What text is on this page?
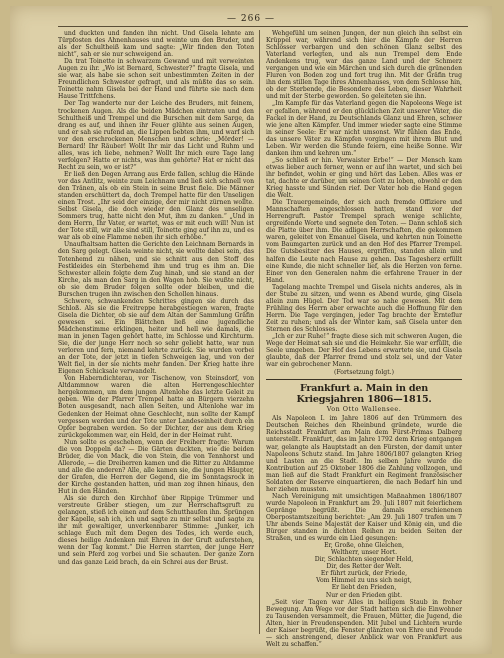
— 266 —

und duckten und fanden ihn nicht. Und Gisela lehnte am Türpfosten des Ahnenhauses und weinte um den Bruder, und als der Schultheiß kam und sagte: „Wir finden den Toten nicht“, sah er sie nur schweigend an.

Da trat Toinette in schwarzem Gewand und mit verweinten Augen zu ihr. „Wo ist Bernard, Schwester?“ fragte Gisela, und sie war, als habe sie schon seit unbestimmten Zeiten in der Freundlichen Schwester gefragt, und als müßte das so sein. Toinette nahm Gisela bei der Hand und führte sie nach dem Hause Trittfchens.

Der Tag wanderte nur der Leiche des Bruders, mit feinem, trockenen Augen. Als die beiden Mädchen eintraten und den Schultheiß und Trempel und die Burschen mit dem Sarge, da drang es auf, und ihnen ihr Feuer glühte aus seinen Augen, und er sah sie rufend an, die Lippen bebten ihm, und warf sich vor den erschrockenen Menschen und schrie: „Mörder! — Bernard! Ihr Räuber! Wollt Ihr mir das Licht und Ruhm und alles, was ich liebe, nehmen? Wollt Ihr mich eure Tage lang verfolgen? Hatte er nichts, was ihm gehörte? Hat er nicht das Recht zu sein, wo er ist?“

Er ließ den Degen Arrang aus Erde fallen, schlug die Hände vor das Antlitz, weinte zum Leichnam und ließ sich schnell von den Tränen, als ob ein Stein in seine Brust fiele. Die Männer standen erschüttert da, doch Trempel hatte für den Unseligen einen Trost. „Ihr seid der einzige, der mir nicht zürnen wollte. Selbst Gisela, die doch wieder den Glanz des unseligen Sommers trug, hatte nicht den Mut, ihm zu danken.“ „Und in dem Herrn, Ihr Vater, er wartet, was er mit euch will! Nun ist der Tote still, wir alle sind still, Toinette ging auf ihn zu, und es war als ob eine Flamme neben ihr sich erhöbe.“

Unaufhaltsam hatten die Gerichte den Leichnam Bernards in den Sarg gelegt. Gisela weinte nicht, sie wollte dabei sein, das Totenhemd zu nähen, und sie schnitt aus den Stoff des Festkleides ein Sterbehemd ihm und trug es ihm an. Die Schwester allein folgte dem Zug hinab, und sie stand an der Kirche, als man den Sarg in den Wagen hob. Sie wußte nicht, ob sie dem Bruder folgen sollte oder bleiben, und die Burschen trugen ihn zwischen den Schollen hinaus.

Schwere, schwankenden Schrittes gingen sie durch das Schloß. Als sie die Freitreppe herabgestiegen waren, fragte Gisela die Dichter, ob sie auf dem Altan der Sammlung Gräfin gewesen sei. Ein Blättchen ließ eine jugendliche Mädchenstimme erklingen, heiter und hell wie damals, die man in jenen Tagen gehört hatte, im Schlosse und Kirchturm. Sie, die der junge Herr noch so sehr geliebt hatte, war nun verloren und fern, niemand kehrte zurück. Sie wurden vorbei an der Tote, der jetzt in tiefen Schweigen lag, und von der Welt fiel, in der sie nichts mehr fanden. Der Krieg hatte ihre Eigenen Schicksale verwandelt.

Von Haberndichterau, vor Tischenow, von Steinsdorf, von Altdammnow waren die alten Herrengeschlechter hergekommen, um dem jungen Altenlohe das letzte Geleit zu geben. Wie der Pfarrer Trempel hatte an Bürgern vierzehn Boten ausgesandt, nach allen Seiten, und Altenlohe war im Gedenken der Heimat ohne Geschlecht, nun sollte der Kampf vergessen werden und der Tote unter Landeseinheit durch ein Opfer begraben werden. So der Dichter, der aus dem Krieg zurückgekommen war, ein Held, der in der Heimat ruht.

Nun sollte es geschehen, wenn der Freiherr fragte: Warum die von Doppeln da? — Die Gärten duckten, wie die beiden Brüder, die von Mack, die von Stein, die von Tennhorst und Allerode, — die Dreiherren kamen und die Ritter zu Altdamme und alle die anderen? Alle, alle kamen sie, die jungen Häupter, der Grafen, die Herren der Gegend, die im Sonntagsrock in der Kirche gestanden hatten, und man zog ihnen hinaus, den Hut in den Händen.

Als sie durch den Kirchhof über Rippige Trümmer und verstreute Gräber stiegen, um zur Herrschaftsgruft zu gelangen, stieß ich einen auf dem Schutthaufen ihn. Sprüngen der Kapelle, sah ich, ich und sagte zu mir selbst und sagte zu ihr mit gewaltiger, unverkennbarer Stimme: „Junker, ich schlage Euch mit dem Degen des Todes, ich werde euch, dieses heilige Andenken mit Ehren in der Gruft auferstehen, wenn der Tag kommt.“ Die Herren starrten, der junge Herr und sein Pferd zog vorbei und Sie schauten. Der ganze Zorn und das ganze Leid brach, da ein Schrei aus der Brust.

Wehgefühl um seinen Jungen, der nun gleich ihn selbst ein Krüppel war, während sich hier die Kämpfe der Herren Schlösser verbargen und den schönen Glanz selbst des Vaterland verlegten, und als nun Trempel dem Ende Andenkens trug, war das ganze Land und der Schmerz vergangen und wie ein Märchen und sich durch die grünenden Fluren von Boden zog und fort trug ihn. Mit der Gräfin trug ihn dem stillen Tage ihres Ahnenhauses, von dem Schlosse hin, ob der Sterbende, die Besondere des Leben, dieser Wahrheit und mit der Sterbe geworden. So geleiteten sie ihn.

„Im Kampfe für das Vaterland gegen die Napoleons Wege ist er gefallen, während er den glücklichen Zeit unserer Väter, die Fackel in der Hand, zu Deutschlands Glanz und Ehren, schwer wie jene alten Kämpfer. Und immer wieder sagte eine Stimme in seiner Seele: Er war nicht umsonst. Wir fühlen das Ende, das unsere Väter zu Kämpfen vorgingen mit ihrem Blut und Leben. Wir werden die Stunde feiern, eine heiße Sonne. Wir danken ihm und kehren um.“

„So schließ er hin. Verwaister Erbe!“ — Der Mensch kam etwas lieber auch ferner, wenn er auf ihn wartet, und sich bei ihr befindet, wohin er ging und hört das Leben. Alles was er tat, dachte er darüber, um seinen Gott zu loben, obwohl er den Krieg hasste und Sünden rief. Der Vater hob die Hand gegen die Welt.

Die Trauergemeinde, der sich auch fremde Offiziere und Mannschaften angeschlossen hatten, stand vor der Herrengruft. Pastor Trempel sprach wenige schlichte, ergreifende Worte und segnete den Toten. — Dann schloß sich die Platte über ihm. Die adligen Herrschaften, die gekommen waren, geleitet von Emanuel Gisela, und kehrten nun Toinette vom Baumgarten zurück und an den Hof des Pfarrer Trempel. Die Gutsbesitzer des Hauses, ergriffen, standen allein und halfen die Leute nach Hause zu gehen. Das Tagesherz erfüllt eine Kunde, die nicht schneller lief, als die Herzen von ferne. Einer von den Generalen nahm die erfahrene Trauer in der Hand.

Tagelang machte Trempel und Gisela nichts anderes, als in der Stube zu sitzen, und wenn es Abend wurde, ging Gisela allein zum Hügel. Der Tod war so nahe gewesen. Mit dem Frühling des Herrn aber erwachte auch die Hoffnung für den Herrn. Die Tage vergingen, jeder Tag brachte der Ernteflur Zeit zu ruhen; und als der Winter kam, saß Gisela unter den Sternen des Schlosses.

„Ich er zur Ruhe!“ fragte diese sich mit schweren Augen, die Wege der Heimat sah sie und die Heimkehr. Sie war erfüllt, die Seele umgeben. Der Hof des Lebens erwartete sie, und Gisela glaubte, daß der Pfarrer fremd und stolz sei, und der Vater war ein gebrochener Mann.

(Fortsetzung folgt.)
Frankfurt a. Main in den Kriegsjahren 1806—1815.
Von Otto Wallensee.

Als Napoleon I. im Jahre 1806 auf den Trümmern des Deutschen Reiches den Rheinbund gründete, wurde die Reichsstadt Frankfurt am Main dem Fürst-Primas Dalberg unterstellt. Frankfurt, das im Jahre 1792 dem Krieg entgangen war, gelangte als Hauptstadt an den Fürsten, der damit unter Napoleons Schutz stand. Im Jahre 1806/1807 gelangten Krieg und Lasten an die Stadt. Im selben Jahre wurde die Kontribution auf 25 Oktober 1806 die Zahlung vollzogen, und man ließ auf die Stadt Frankfurt ein Regiment französischer Soldaten der Reserve einquartieren, die nach Bedarf hin und her ziehen mussten.

Nach Vereinigung mit umsichtigen Maßnahmen 1806/1807 wurde Napoleon in Frankfurt am 29. Juli 1807 mit feierlichem Gepränge begrüßt. Die damals erschienenen Oberpostamtszeitung berichtet: „Am 29. Juli 1807 trafen um 7 Uhr abends Seine Majestät der Kaiser und König ein, und die Bürger standen in dichten Reihen zu beiden Seiten der Straßen, und es wurde ein Lied gesungen:

Er, Große, ohne Gleichen,
Weltherr, unser Hort.
Dir, Schlachten siegender Held,
Dir, des Retter der Welt.
Er führt zurück, der Friede,
Vom Himmel zu uns sich neigt,
Er liebt den Frieden,
Nur er den Frieden gibt.

„Seit vier Tagen war Alles in heiligem Staub in froher Bewegung. Am Wege vor der Stadt hatten sich die Einwohner zu Tausenden versammelt, die Frauen, Mütter, die Jugend, die Alten, hier in Freudenspenden. Mit Jubel und Lichtern wurde der Kaiser begrüßt, die Fenster glänzten von Ehre und Freude — sich anstrengend, dieser Anblick war von Frankfurt aus Welt zu schaffen.“
